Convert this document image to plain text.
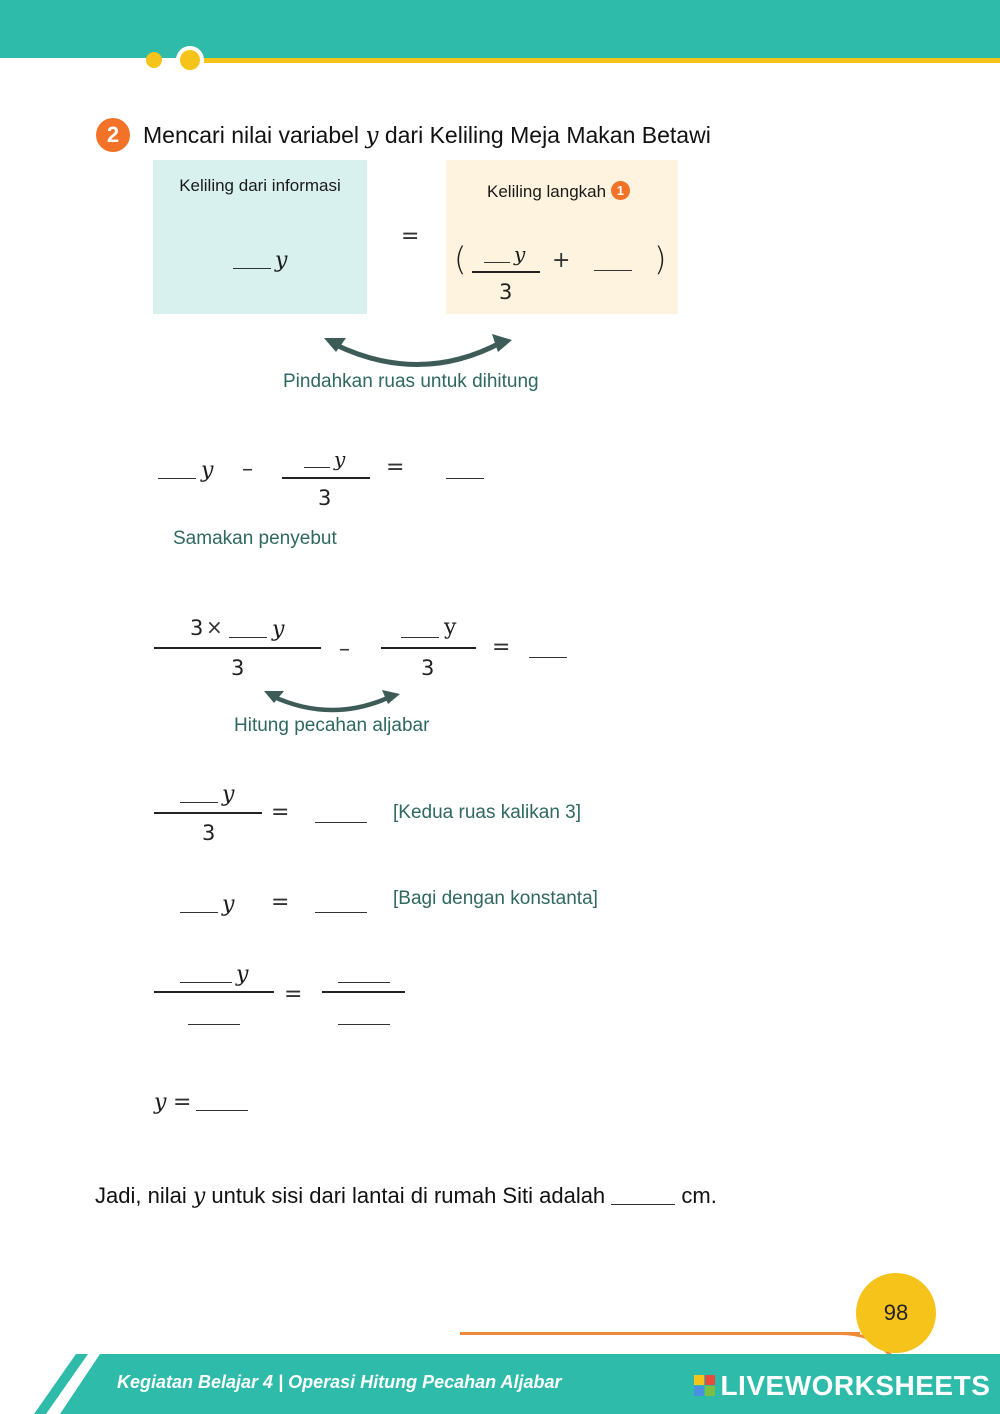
2	Mencari nilai variabel y dari Keliling Meja Makan Betawi
Keliling dari informasi
y
=
Keliling langkah 1
( y
3
+	)
Pindahkan ruas untuk dihitung
y –	y
3
=
Samakan penyebut
3 × y
3
–
y
3
=
Hitung pecahan aljabar
y
3
=	[Kedua ruas kalikan 3]
y =	[Bagi dengan konstanta]
y
=
y =
Jadi, nilai y untuk sisi dari lantai di rumah Siti adalah	cm.
98
Kegiatan Belajar 4 | Operasi Hitung Pecahan Aljabar	LIVEWORKSHEETS
